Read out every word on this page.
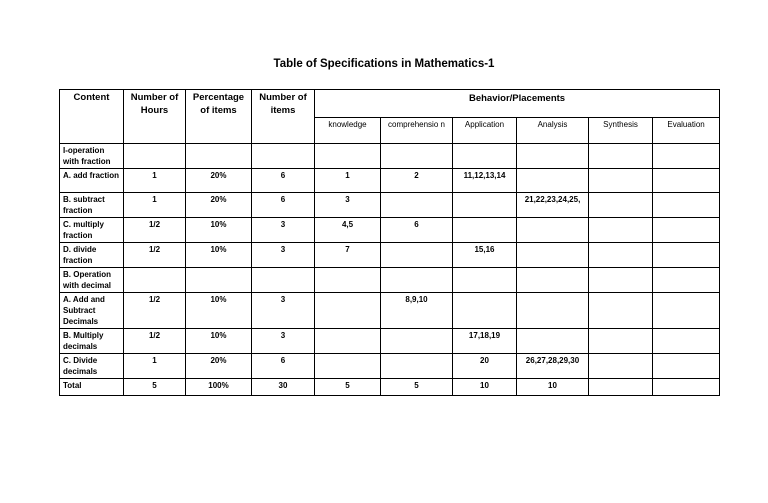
Table of Specifications in Mathematics-1
Content	Number of Hours	Percentage of items	Number of items	Behavior/Placements					
				knowledge	comprehensio n	Application	Analysis	Synthesis	Evaluation
I-operation with fraction									
A. add fraction	1	20%	6	1	2	11,12,13,14			
B. subtract fraction	1	20%	6	3			21,22,23,24,25,		
C. multiply fraction	1/2	10%	3	4,5	6				
D. divide fraction	1/2	10%	3	7		15,16			
B. Operation with decimal									
A. Add and Subtract Decimals	1/2	10%	3		8,9,10				
B. Multiply decimals	1/2	10%	3			17,18,19			
C. Divide decimals	1	20%	6			20	26,27,28,29,30		
Total	5	100%	30	5	5	10	10		
